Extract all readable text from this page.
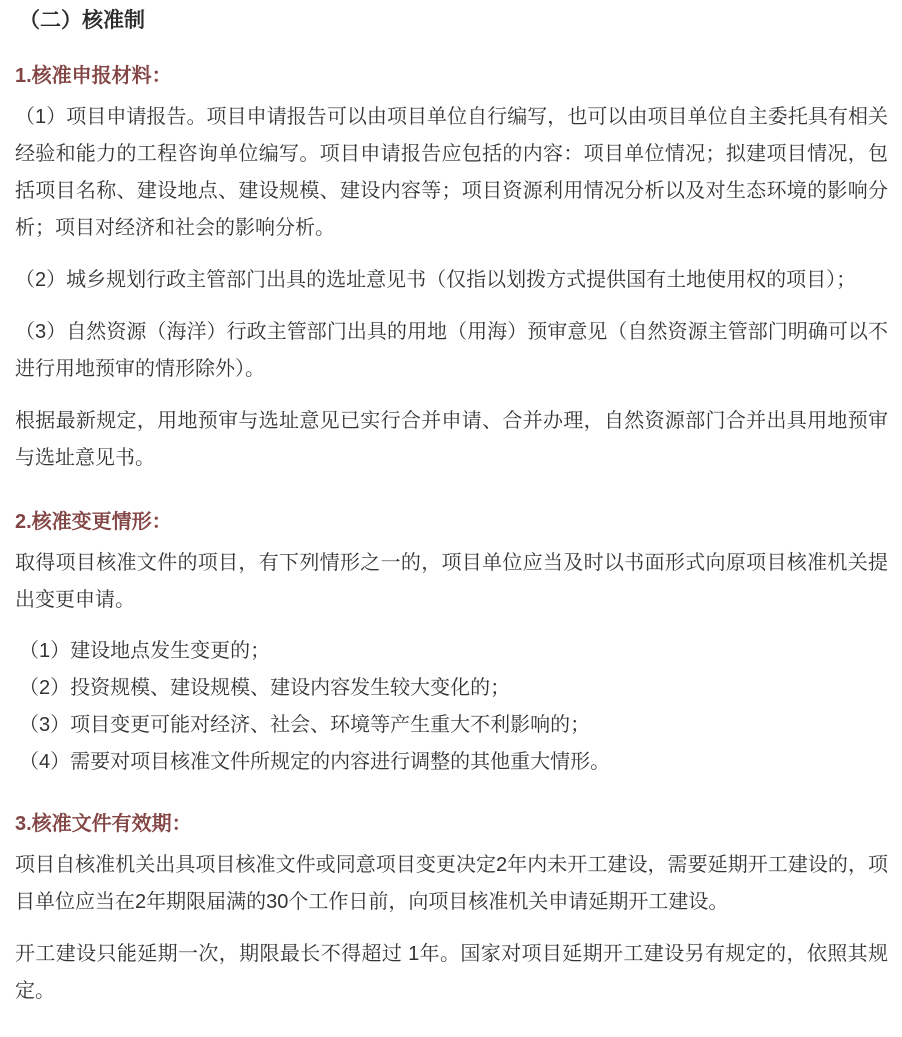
（二）核准制
1.核准申报材料：

（1）项目申请报告。项目申请报告可以由项目单位自行编写，也可以由项目单位自主委托具有相关经验和能力的工程咨询单位编写。项目申请报告应包括的内容：项目单位情况；拟建项目情况，包括项目名称、建设地点、建设规模、建设内容等；项目资源利用情况分析以及对生态环境的影响分析；项目对经济和社会的影响分析。

（2）城乡规划行政主管部门出具的选址意见书（仅指以划拨方式提供国有土地使用权的项目）；

（3）自然资源（海洋）行政主管部门出具的用地（用海）预审意见（自然资源主管部门明确可以不进行用地预审的情形除外）。

根据最新规定，用地预审与选址意见已实行合并申请、合并办理，自然资源部门合并出具用地预审与选址意见书。

2.核准变更情形：

取得项目核准文件的项目，有下列情形之一的，项目单位应当及时以书面形式向原项目核准机关提出变更申请。

（1）建设地点发生变更的；
（2）投资规模、建设规模、建设内容发生较大变化的；
（3）项目变更可能对经济、社会、环境等产生重大不利影响的；
（4）需要对项目核准文件所规定的内容进行调整的其他重大情形。
3.核准文件有效期：

项目自核准机关出具项目核准文件或同意项目变更决定2年内未开工建设，需要延期开工建设的，项目单位应当在2年期限届满的30个工作日前，向项目核准机关申请延期开工建设。

开工建设只能延期一次，期限最长不得超过 1年。国家对项目延期开工建设另有规定的，依照其规定。
